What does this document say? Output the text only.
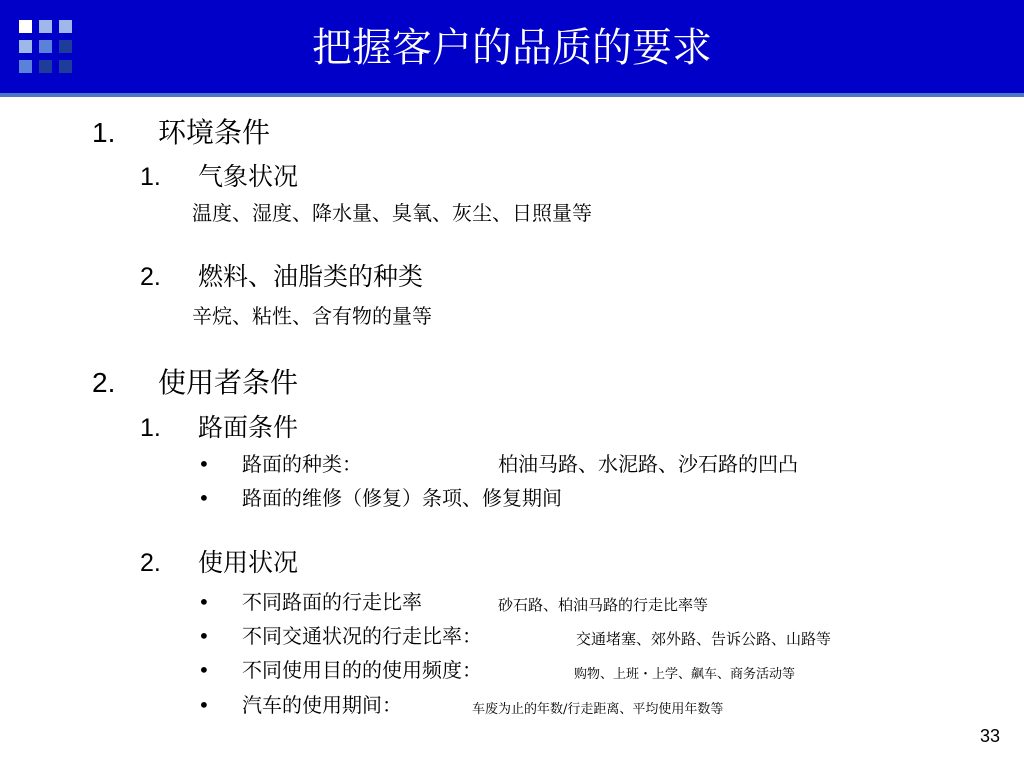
把握客户的品质的要求
1. 环境条件
1. 气象状况
温度、湿度、降水量、臭氧、灰尘、日照量等
2. 燃料、油脂类的种类
辛烷、粘性、含有物的量等
2. 使用者条件
1. 路面条件
• 路面的种类：	柏油马路、水泥路、沙石路的凹凸
• 路面的维修（修复）条项、修复期间
2. 使用状况
• 不同路面的行走比率	砂石路、柏油马路的行走比率等
• 不同交通状况的行走比率：	交通堵塞、郊外路、告诉公路、山路等
• 不同使用目的的使用频度：	购物、上班・上学、飙车、商务活动等
• 汽车的使用期间：	车废为止的年数/行走距离、平均使用年数等
33
